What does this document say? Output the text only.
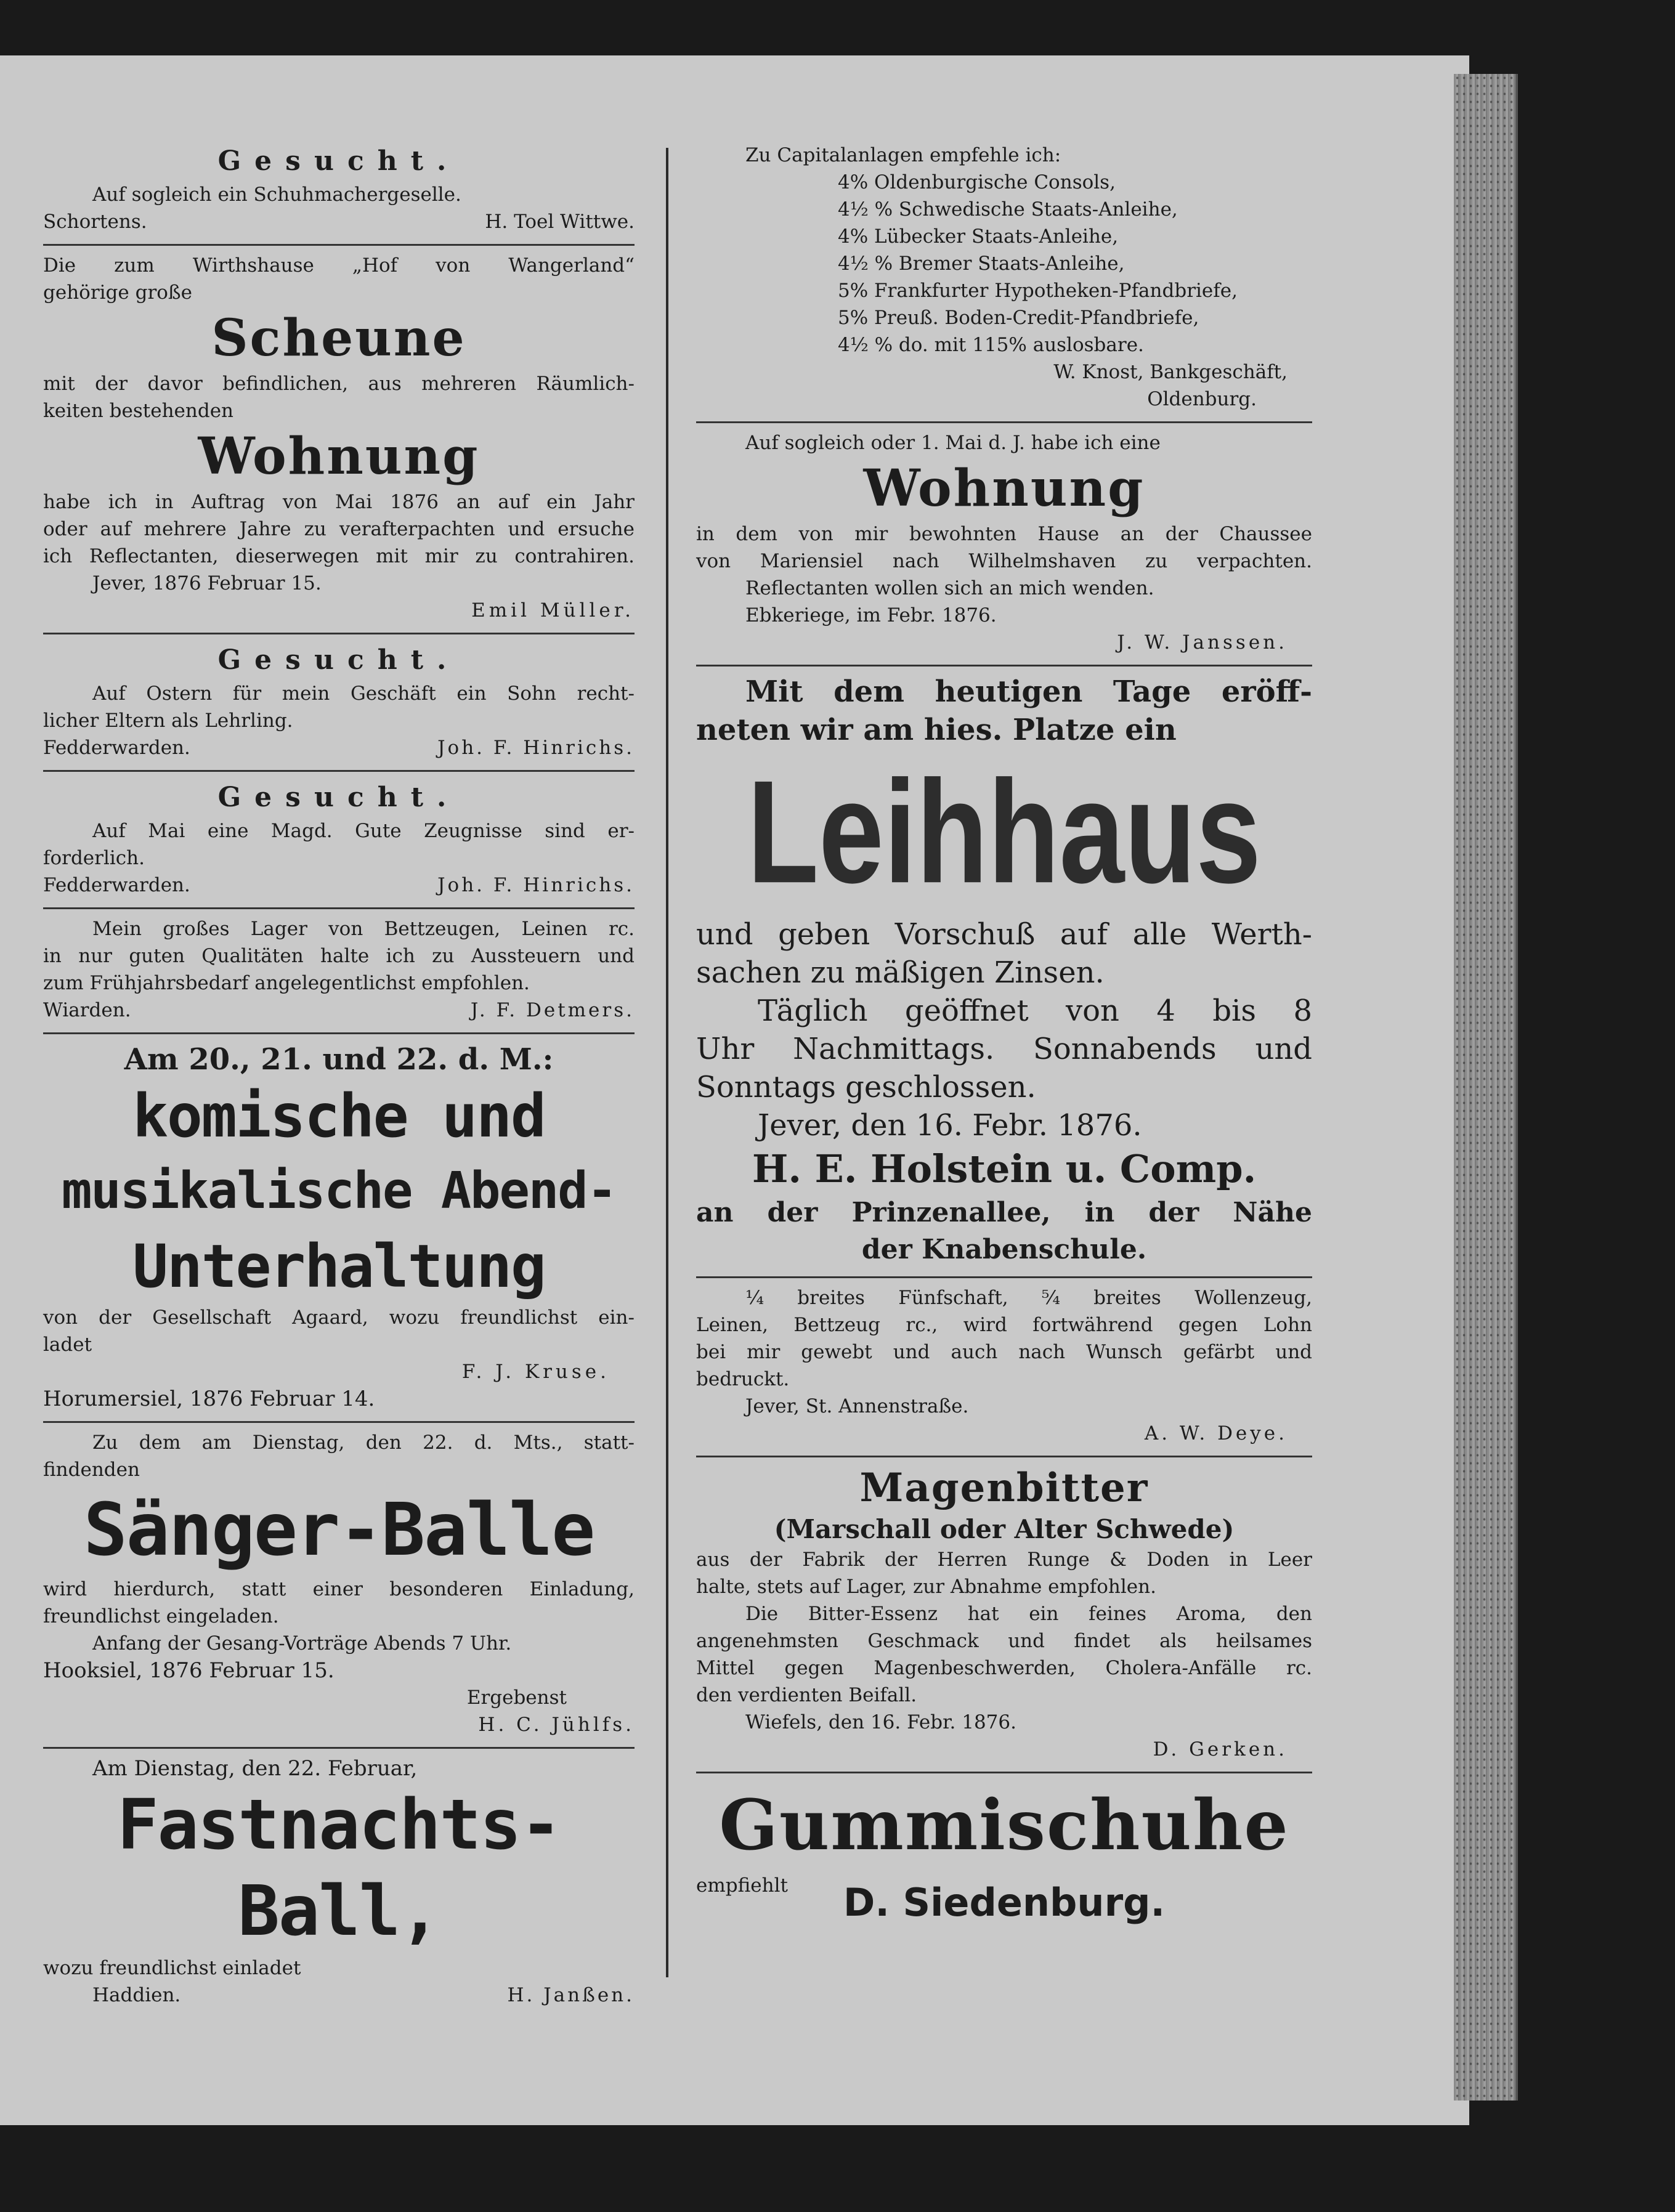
Gesucht.
Auf sogleich ein Schuhmachergeselle.
Schortens.	H. Toel Wittwe.
Die zum Wirthshause „Hof von Wangerland“
gehörige große
Scheune
mit der davor befindlichen, aus mehreren Räumlich-
keiten bestehenden
Wohnung
habe ich in Auftrag von Mai 1876 an auf ein Jahr
oder auf mehrere Jahre zu verafterpachten und ersuche
ich Reflectanten, dieserwegen mit mir zu contrahiren.
Jever, 1876 Februar 15.
Emil Müller.
Gesucht.
Auf Ostern für mein Geschäft ein Sohn recht-
licher Eltern als Lehrling.
Fedderwarden.	Joh. F. Hinrichs.
Gesucht.
Auf Mai eine Magd. Gute Zeugnisse sind er-
forderlich.
Fedderwarden.	Joh. F. Hinrichs.
Mein großes Lager von Bettzeugen, Leinen rc.
in nur guten Qualitäten halte ich zu Aussteuern und
zum Frühjahrsbedarf angelegentlichst empfohlen.
Wiarden.	J. F. Detmers.
Am 20., 21. und 22. d. M.:
komische und
musikalische Abend-
Unterhaltung
von der Gesellschaft Agaard, wozu freundlichst ein-
ladet
F. J. Kruse.
Horumersiel, 1876 Februar 14.
Zu dem am Dienstag, den 22. d. Mts., statt-
findenden
Sänger-Balle
wird hierdurch, statt einer besonderen Einladung,
freundlichst eingeladen.
Anfang der Gesang-Vorträge Abends 7 Uhr.
Hooksiel, 1876 Februar 15.
Ergebenst
H. C. Jühlfs.
Am Dienstag, den 22. Februar,
Fastnachts-Ball,
wozu freundlichst einladet
Haddien.	H. Janßen.
Zu Capitalanlagen empfehle ich:
4% Oldenburgische Consols,
4½ % Schwedische Staats-Anleihe,
4% Lübecker Staats-Anleihe,
4½ % Bremer Staats-Anleihe,
5% Frankfurter Hypotheken-Pfandbriefe,
5% Preuß. Boden-Credit-Pfandbriefe,
4½ % do. mit 115% auslosbare.
W. Knost, Bankgeschäft,
Oldenburg.
Auf sogleich oder 1. Mai d. J. habe ich eine
Wohnung
in dem von mir bewohnten Hause an der Chaussee
von Mariensiel nach Wilhelmshaven zu verpachten.
Reflectanten wollen sich an mich wenden.
Ebkeriege, im Febr. 1876.
J. W. Janssen.
Mit dem heutigen Tage eröff-
neten wir am hies. Platze ein
Leihhaus
und geben Vorschuß auf alle Werth-
sachen zu mäßigen Zinsen.
Täglich geöffnet von 4 bis 8
Uhr Nachmittags. Sonnabends und
Sonntags geschlossen.
Jever, den 16. Febr. 1876.
H. E. Holstein u. Comp.
an der Prinzenallee, in der Nähe
der Knabenschule.
¼ breites Fünfschaft, ⁵⁄₄ breites Wollenzeug,
Leinen, Bettzeug rc., wird fortwährend gegen Lohn
bei mir gewebt und auch nach Wunsch gefärbt und
bedruckt.
Jever, St. Annenstraße.
A. W. Deye.
Magenbitter
(Marschall oder Alter Schwede)
aus der Fabrik der Herren Runge & Doden in Leer
halte, stets auf Lager, zur Abnahme empfohlen.
Die Bitter-Essenz hat ein feines Aroma, den
angenehmsten Geschmack und findet als heilsames
Mittel gegen Magenbeschwerden, Cholera-Anfälle rc.
den verdienten Beifall.
Wiefels, den 16. Febr. 1876.
D. Gerken.
Gummischuhe
empfiehlt	D. Siedenburg.
